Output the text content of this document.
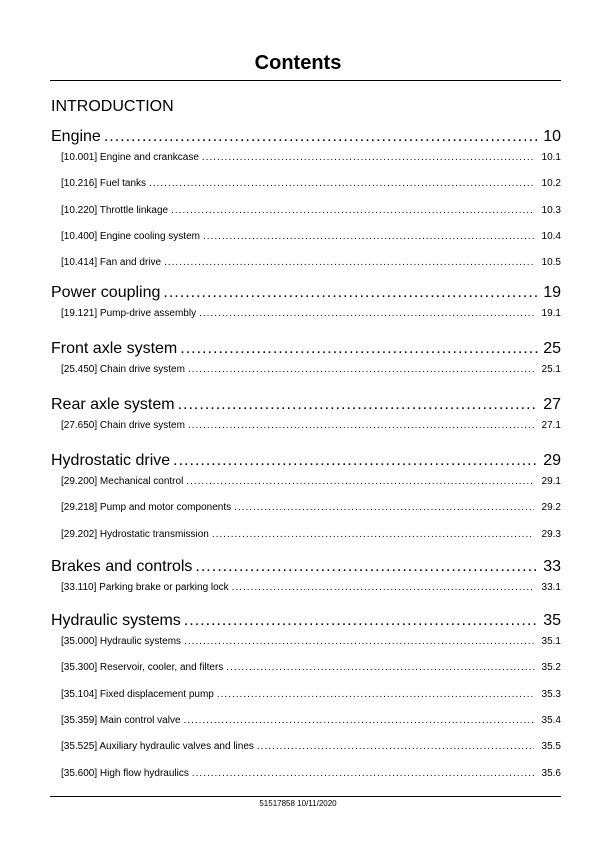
Contents
INTRODUCTION
Engine .....	10
[10.001] Engine and crankcase .....	10.1
[10.216] Fuel tanks .....	10.2
[10.220] Throttle linkage .....	10.3
[10.400] Engine cooling system .....	10.4
[10.414] Fan and drive .....	10.5
Power coupling .....	19
[19.121] Pump-drive assembly .....	19.1
Front axle system .....	25
[25.450] Chain drive system .....	25.1
Rear axle system .....	27
[27.650] Chain drive system .....	27.1
Hydrostatic drive .....	29
[29.200] Mechanical control .....	29.1
[29.218] Pump and motor components .....	29.2
[29.202] Hydrostatic transmission .....	29.3
Brakes and controls .....	33
[33.110] Parking brake or parking lock .....	33.1
Hydraulic systems .....	35
[35.000] Hydraulic systems .....	35.1
[35.300] Reservoir, cooler, and filters .....	35.2
[35.104] Fixed displacement pump .....	35.3
[35.359] Main control valve .....	35.4
[35.525] Auxiliary hydraulic valves and lines .....	35.5
[35.600] High flow hydraulics .....	35.6
51517858 10/11/2020
